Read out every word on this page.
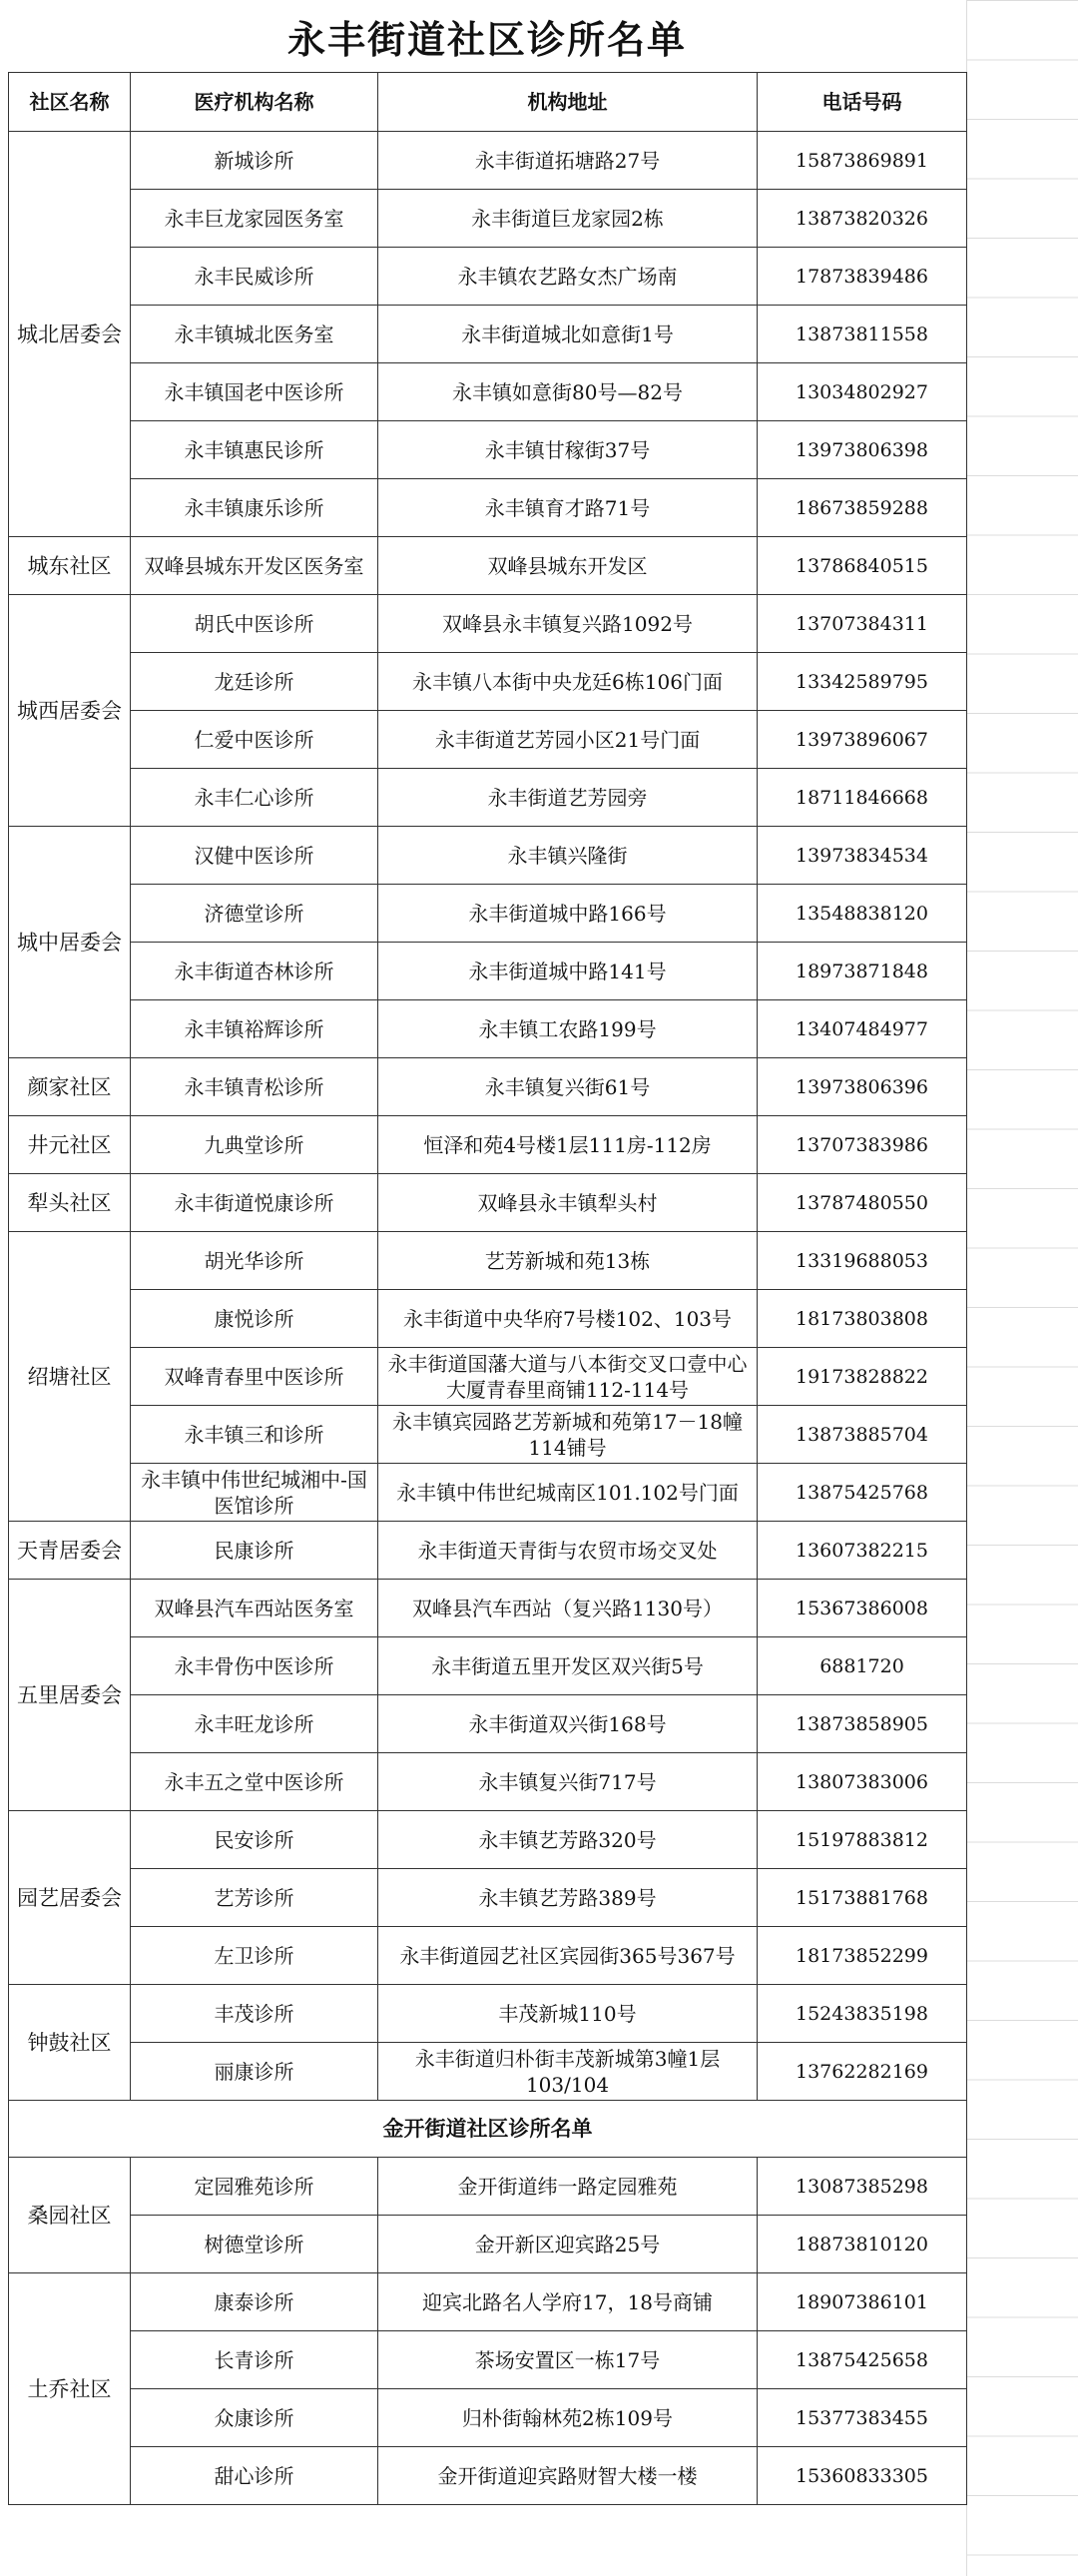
永丰街道社区诊所名单
社区名称	医疗机构名称	机构地址	电话号码
城北居委会	新城诊所	永丰街道拓塘路27号	15873869891
	永丰巨龙家园医务室	永丰街道巨龙家园2栋	13873820326
	永丰民威诊所	永丰镇农艺路女杰广场南	17873839486
	永丰镇城北医务室	永丰街道城北如意街1号	13873811558
	永丰镇国老中医诊所	永丰镇如意街80号—82号	13034802927
	永丰镇惠民诊所	永丰镇甘稼街37号	13973806398
	永丰镇康乐诊所	永丰镇育才路71号	18673859288
城东社区	双峰县城东开发区医务室	双峰县城东开发区	13786840515
城西居委会	胡氏中医诊所	双峰县永丰镇复兴路1092号	13707384311
	龙廷诊所	永丰镇八本街中央龙廷6栋106门面	13342589795
	仁爱中医诊所	永丰街道艺芳园小区21号门面	13973896067
	永丰仁心诊所	永丰街道艺芳园旁	18711846668
城中居委会	汉健中医诊所	永丰镇兴隆街	13973834534
	济德堂诊所	永丰街道城中路166号	13548838120
	永丰街道杏林诊所	永丰街道城中路141号	18973871848
	永丰镇裕辉诊所	永丰镇工农路199号	13407484977
颜家社区	永丰镇青松诊所	永丰镇复兴街61号	13973806396
井元社区	九典堂诊所	恒泽和苑4号楼1层111房-112房	13707383986
犁头社区	永丰街道悦康诊所	双峰县永丰镇犁头村	13787480550
绍塘社区	胡光华诊所	艺芳新城和苑13栋	13319688053
	康悦诊所	永丰街道中央华府7号楼102、103号	18173803808
	双峰青春里中医诊所	永丰街道国藩大道与八本街交叉口壹中心大厦青春里商铺112-114号	19173828822
	永丰镇三和诊所	永丰镇宾园路艺芳新城和苑第17－18幢114铺号	13873885704
	永丰镇中伟世纪城湘中-国医馆诊所	永丰镇中伟世纪城南区101.102号门面	13875425768
天青居委会	民康诊所	永丰街道天青街与农贸市场交叉处	13607382215
五里居委会	双峰县汽车西站医务室	双峰县汽车西站（复兴路1130号）	15367386008
	永丰骨伤中医诊所	永丰街道五里开发区双兴街5号	6881720
	永丰旺龙诊所	永丰街道双兴街168号	13873858905
	永丰五之堂中医诊所	永丰镇复兴街717号	13807383006
园艺居委会	民安诊所	永丰镇艺芳路320号	15197883812
	艺芳诊所	永丰镇艺芳路389号	15173881768
	左卫诊所	永丰街道园艺社区宾园街365号367号	18173852299
钟鼓社区	丰茂诊所	丰茂新城110号	15243835198
	丽康诊所	永丰街道归朴街丰茂新城第3幢1层103/104	13762282169
金开街道社区诊所名单			
桑园社区	定园雅苑诊所	金开街道纬一路定园雅苑	13087385298
	树德堂诊所	金开新区迎宾路25号	18873810120
土乔社区	康泰诊所	迎宾北路名人学府17，18号商铺	18907386101
	长青诊所	茶场安置区一栋17号	13875425658
	众康诊所	归朴街翰林苑2栋109号	15377383455
	甜心诊所	金开街道迎宾路财智大楼一楼	15360833305
